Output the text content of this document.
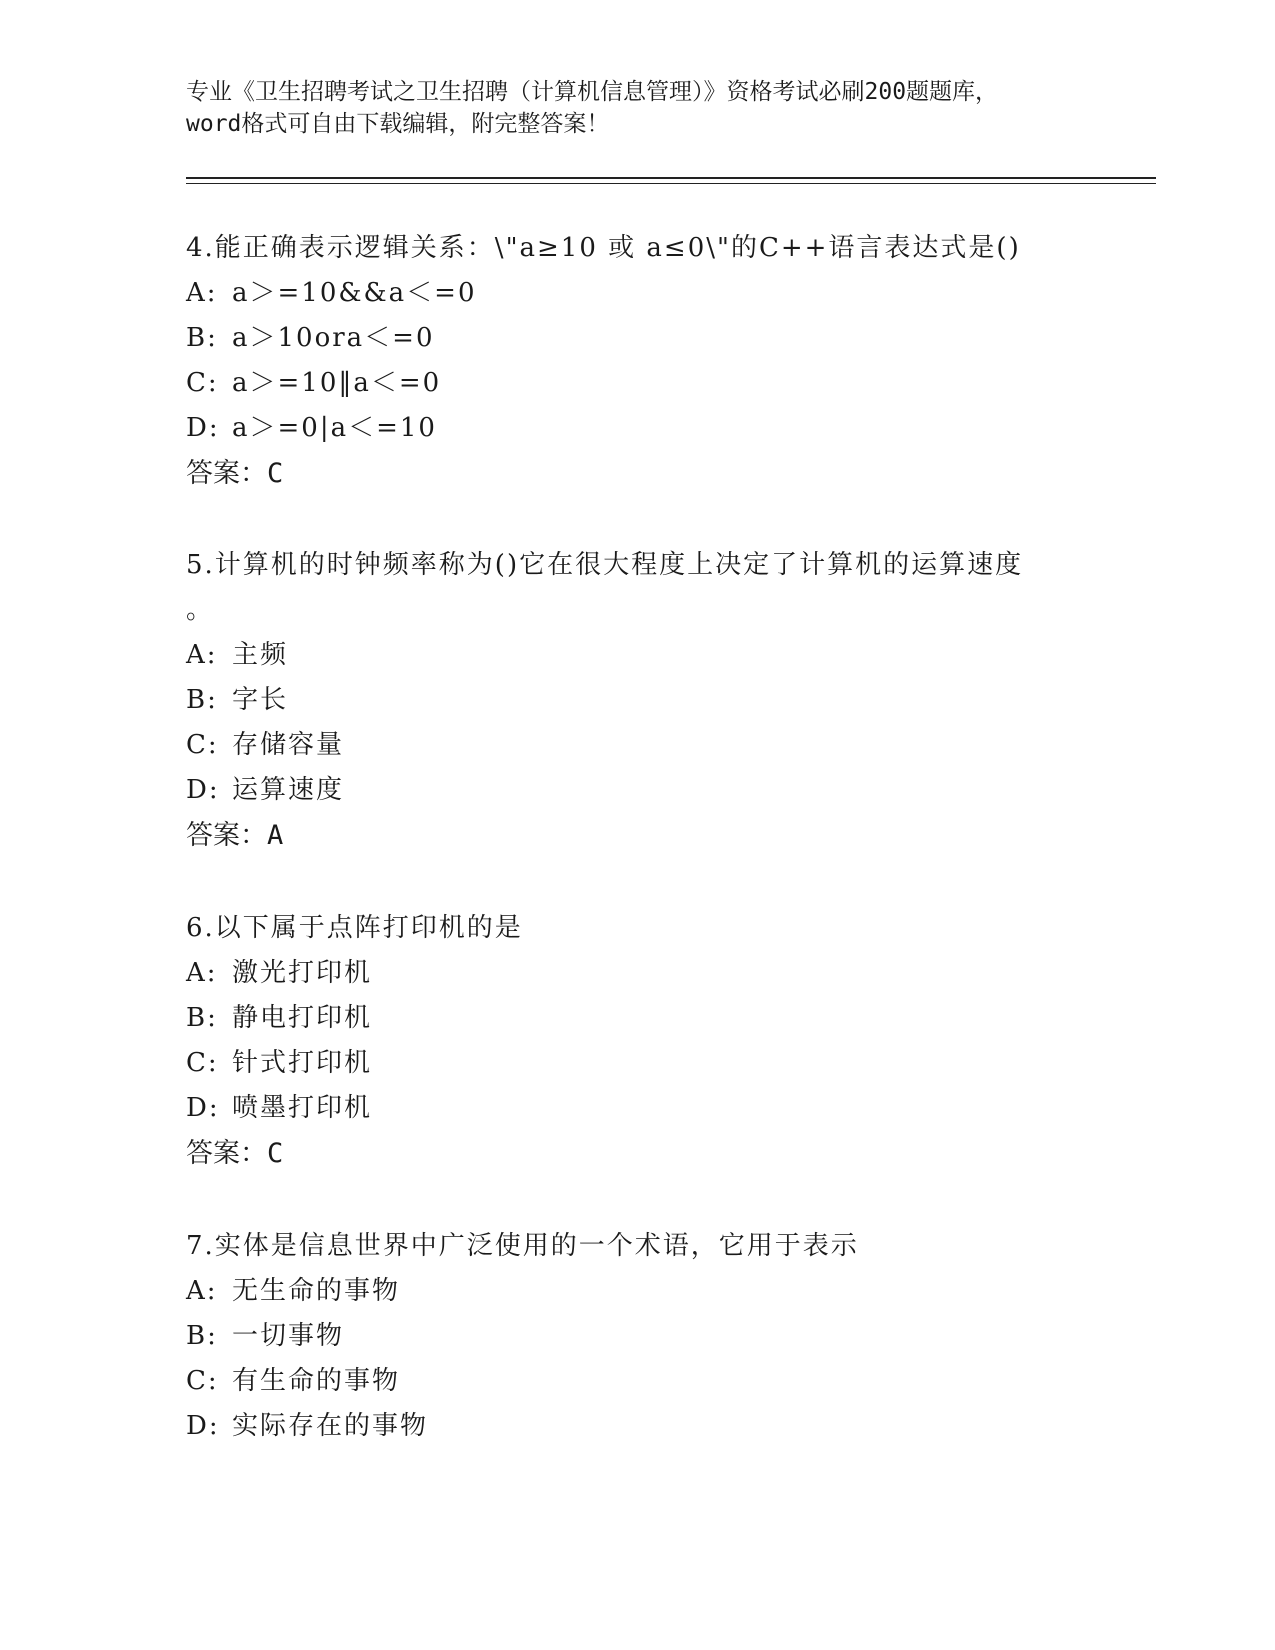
专业《卫生招聘考试之卫生招聘（计算机信息管理）》资格考试必刷200题题库，

word格式可自由下载编辑，附完整答案！

4.能正确表示逻辑关系：\"a≥10 或 a≤0\"的C++语言表达式是()
A: a＞=10&&a＜=0
B: a＞10ora＜=0
C: a＞=10‖a＜=0
D: a＞=0|a＜=10
答案：C
5.计算机的时钟频率称为()它在很大程度上决定了计算机的运算速度
。
A: 主频
B: 字长
C: 存储容量
D: 运算速度
答案：A
6.以下属于点阵打印机的是
A: 激光打印机
B: 静电打印机
C: 针式打印机
D: 喷墨打印机
答案：C
7.实体是信息世界中广泛使用的一个术语，它用于表示
A: 无生命的事物
B: 一切事物
C: 有生命的事物
D: 实际存在的事物
